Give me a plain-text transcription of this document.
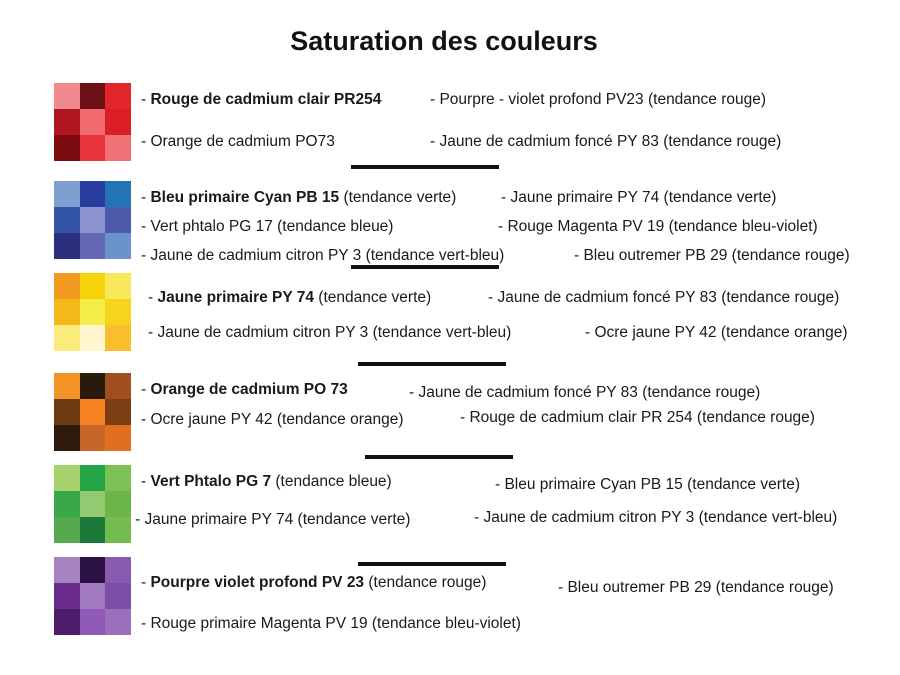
Saturation des couleurs
- Rouge de cadmium clair PR254	- Pourpre - violet profond PV23 (tendance rouge)
- Orange de cadmium PO73	- Jaune de cadmium foncé PY 83 (tendance rouge)
- Bleu primaire Cyan PB 15 (tendance verte)	- Jaune primaire PY 74 (tendance verte)
- Vert phtalo PG 17 (tendance bleue)	- Rouge Magenta PV 19 (tendance bleu-violet)
- Jaune de cadmium citron PY 3 (tendance vert-bleu)	- Bleu outremer PB 29 (tendance rouge)
- Jaune primaire PY 74 (tendance verte)	- Jaune de cadmium foncé PY 83 (tendance rouge)
- Jaune de cadmium citron PY 3 (tendance vert-bleu)	- Ocre jaune PY 42 (tendance orange)
- Orange de cadmium PO 73	- Jaune de cadmium foncé PY 83 (tendance rouge)
- Ocre jaune PY 42 (tendance orange)	- Rouge de cadmium clair PR 254 (tendance rouge)
- Vert Phtalo PG 7 (tendance bleue)	- Bleu primaire Cyan PB 15 (tendance verte)
- Jaune primaire PY 74 (tendance verte)	- Jaune de cadmium citron PY 3 (tendance vert-bleu)
- Pourpre violet profond PV 23 (tendance rouge)	- Bleu outremer PB 29 (tendance rouge)
- Rouge primaire Magenta PV 19 (tendance bleu-violet)
